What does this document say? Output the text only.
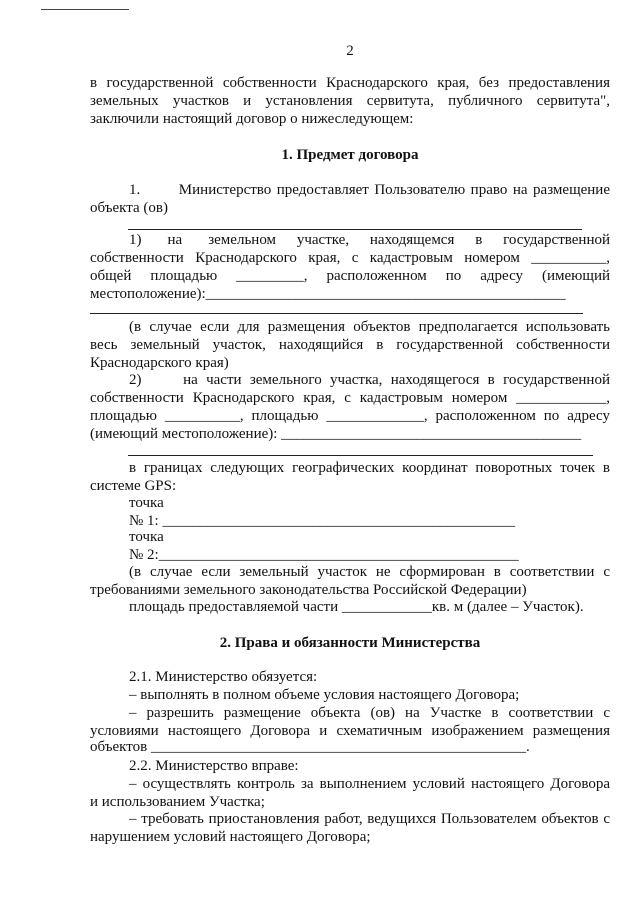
2
в государственной собственности Краснодарского края, без предоставления
земельных участков и установления сервитута, публичного сервитута",
заключили настоящий договор о нижеследующем:
1. Предмет договора
1.       Министерство предоставляет Пользователю право на размещение
объекта (ов)
1)     на     земельном    участке,    находящемся    в    государственной
собственности Краснодарского края, с кадастровым номером __________,
общей площадью _________, расположенном по адресу (имеющий
местоположение):________________________________________________
(в случае если для размещения объектов предполагается использовать
весь земельный участок, находящийся в государственной собственности
Краснодарского края)
2)     на части земельного участка, находящегося в государственной
собственности Краснодарского края, с кадастровым номером ____________,
площадью __________, площадью _____________, расположенном по адресу
(имеющий местоположение): ________________________________________
в границах следующих географических координат поворотных точек в
системе GPS:
точка
№ 1: _______________________________________________
точка
№ 2:________________________________________________
(в случае если земельный участок не сформирован в соответствии с
требованиями земельного законодательства Российской Федерации)
площадь предоставляемой части ____________кв. м (далее – Участок).
2. Права и обязанности Министерства
2.1. Министерство обязуется:
– выполнять в полном объеме условия настоящего Договора;
– разрешить размещение объекта (ов) на Участке в соответствии с
условиями настоящего Договора и схематичным изображением размещения
объектов __________________________________________________.
2.2. Министерство вправе:
– осуществлять контроль за выполнением условий настоящего Договора
и использованием Участка;
– требовать приостановления работ, ведущихся Пользователем объектов с
нарушением условий настоящего Договора;
